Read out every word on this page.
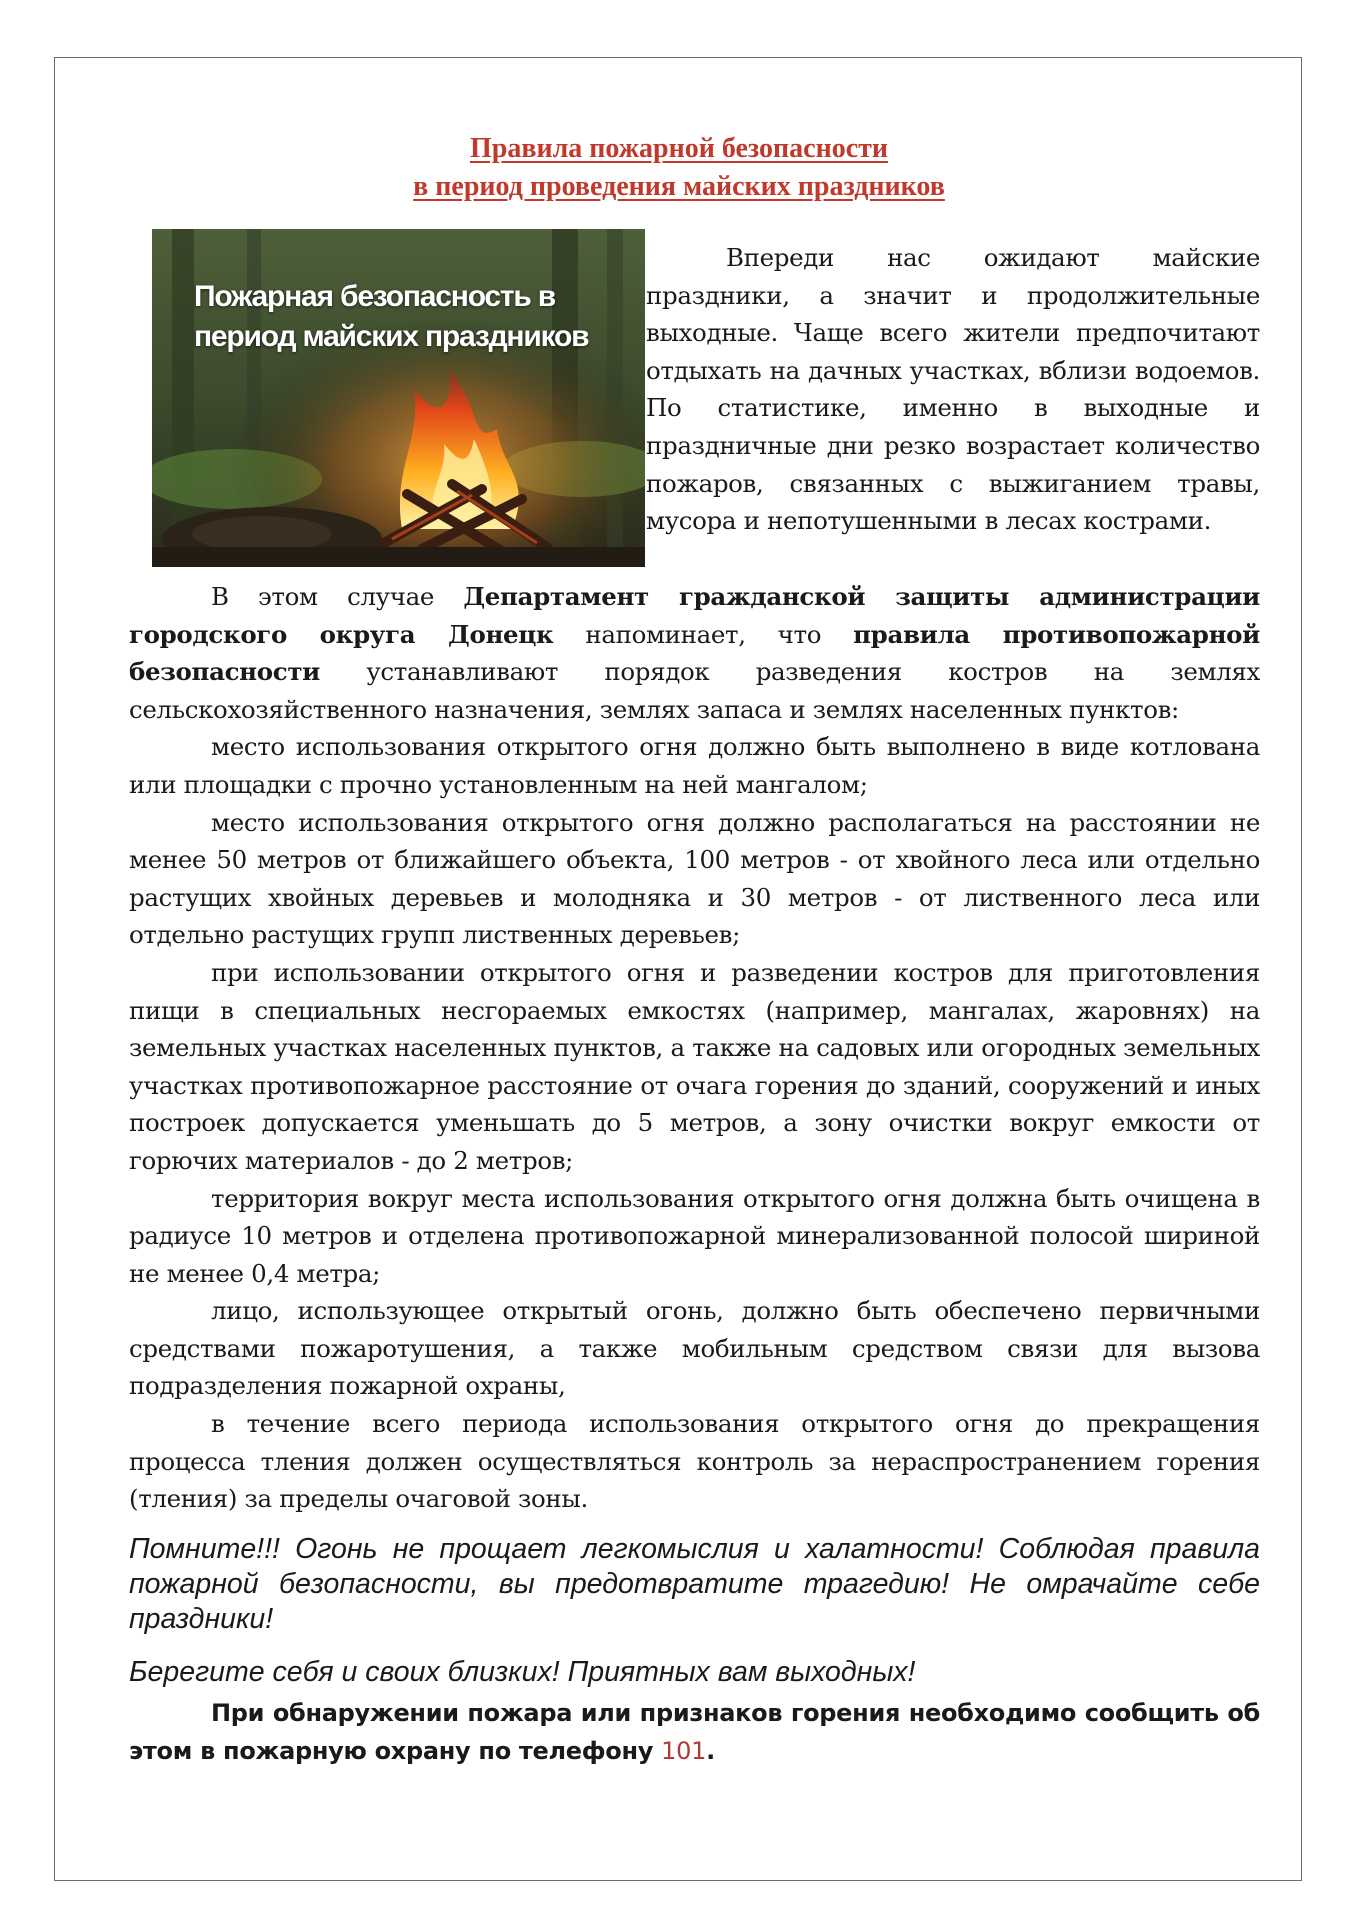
Правила пожарной безопасности
в период проведения майских праздников
Пожарная безопасность в
период майских праздников

Впереди нас ожидают майские праздники, а значит и продолжительные выходные. Чаще всего жители предпочитают отдыхать на дачных участках, вблизи водоемов. По статистике, именно в выходные и праздничные дни резко возрастает количество пожаров, связанных с выжиганием травы, мусора и непотушенными в лесах кострами.

В этом случае Департамент гражданской защиты администрации городского округа Донецк напоминает, что правила противопожарной безопасности устанавливают порядок разведения костров на землях сельскохозяйственного назначения, землях запаса и землях населенных пунктов:

место использования открытого огня должно быть выполнено в виде котлована или площадки с прочно установленным на ней мангалом;

место использования открытого огня должно располагаться на расстоянии не менее 50 метров от ближайшего объекта, 100 метров - от хвойного леса или отдельно растущих хвойных деревьев и молодняка и 30 метров - от лиственного леса или отдельно растущих групп лиственных деревьев;

при использовании открытого огня и разведении костров для приготовления пищи в специальных несгораемых емкостях (например, мангалах, жаровнях) на земельных участках населенных пунктов, а также на садовых или огородных земельных участках противопожарное расстояние от очага горения до зданий, сооружений и иных построек допускается уменьшать до 5 метров, а зону очистки вокруг емкости от горючих материалов - до 2 метров;

территория вокруг места использования открытого огня должна быть очищена в радиусе 10 метров и отделена противопожарной минерализованной полосой шириной не менее 0,4 метра;

лицо, использующее открытый огонь, должно быть обеспечено первичными средствами пожаротушения, а также мобильным средством связи для вызова подразделения пожарной охраны,

в течение всего периода использования открытого огня до прекращения процесса тления должен осуществляться контроль за нераспространением горения (тления) за пределы очаговой зоны.

Помните!!! Огонь не прощает легкомыслия и халатности! Соблюдая правила пожарной безопасности, вы предотвратите трагедию! Не омрачайте себе праздники!

Берегите себя и своих близких! Приятных вам выходных!

При обнаружении пожара или признаков горения необходимо сообщить об этом в пожарную охрану по телефону 101.
